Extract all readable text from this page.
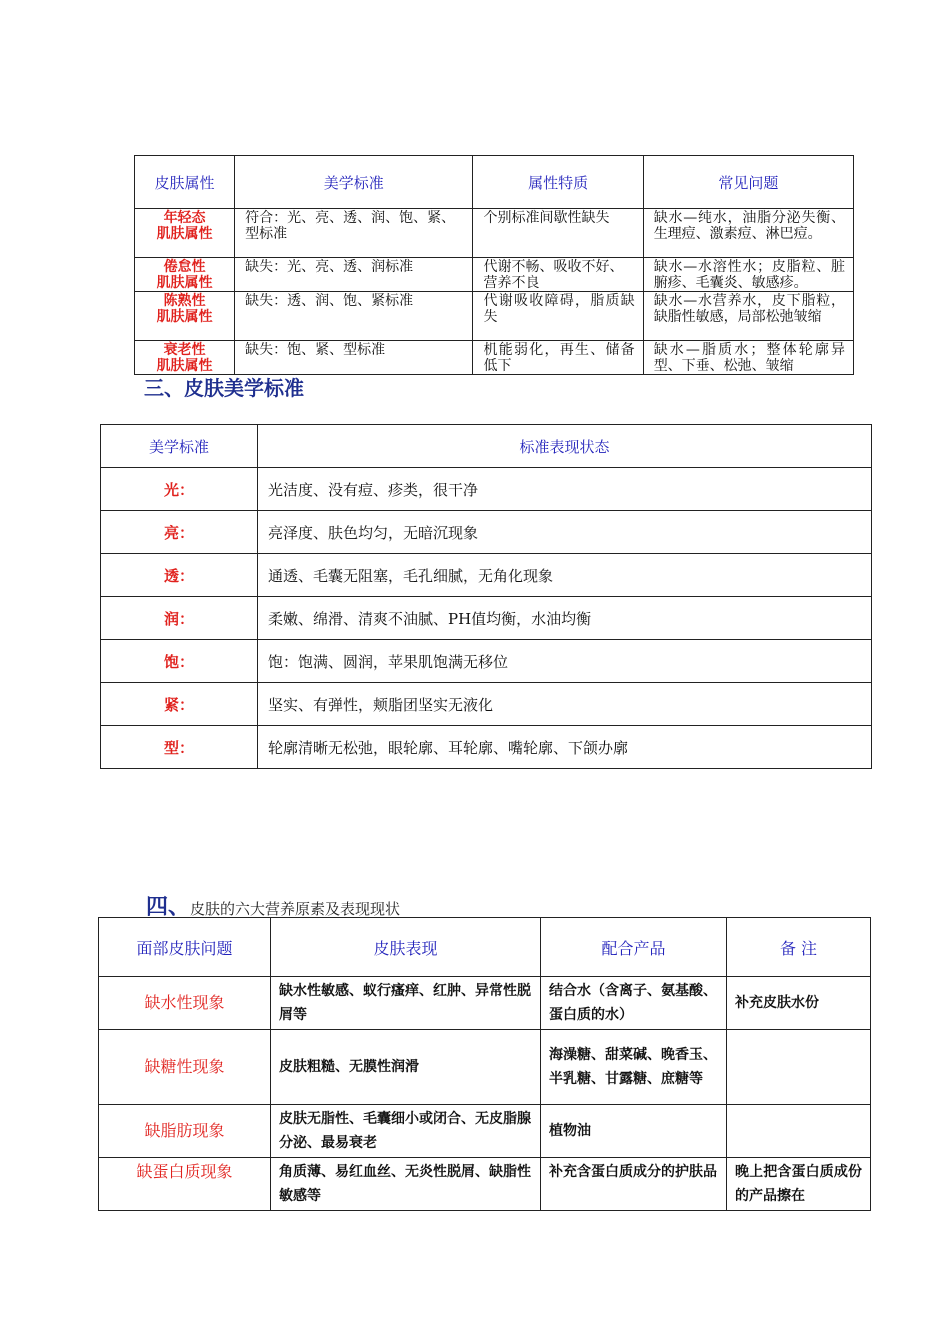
皮肤属性	美学标准	属性特质	常见问题
年轻态
肌肤属性	符合：光、亮、透、润、饱、紧、型标准	个别标准间歇性缺失	缺水—纯水，油脂分泌失衡、生理痘、激素痘、淋巴痘。
倦怠性
肌肤属性	缺失：光、亮、透、润标准	代谢不畅、吸收不好、营养不良	缺水—水溶性水；皮脂粒、脏腑疹、毛囊炎、敏感疹。
陈熟性
肌肤属性	缺失：透、润、饱、紧标准	代谢吸收障碍，脂质缺失	缺水—水营养水，皮下脂粒，缺脂性敏感，局部松弛皱缩
衰老性
肌肤属性	缺失：饱、紧、型标准	机能弱化，再生、储备低下	缺水—脂质水；整体轮廓异型、下垂、松弛、皱缩
三、皮肤美学标准
美学标准	标准表现状态
光：	光洁度、没有痘、疹类，很干净
亮：	亮泽度、肤色均匀，无暗沉现象
透：	通透、毛囊无阻塞，毛孔细腻，无角化现象
润：	柔嫩、绵滑、清爽不油腻、PH值均衡，水油均衡
饱：	饱：饱满、圆润，苹果肌饱满无移位
紧：	坚实、有弹性，颊脂团坚实无液化
型：	轮廓清晰无松弛，眼轮廓、耳轮廓、嘴轮廓、下颌办廓
四、皮肤的六大营养原素及表现现状
面部皮肤问题	皮肤表现	配合产品	备 注
缺水性现象	缺水性敏感、蚁行瘙痒、红肿、异常性脱屑等	结合水（含离子、氨基酸、蛋白质的水）	补充皮肤水份
缺糖性现象	皮肤粗糙、无膜性润滑	海澡糖、甜菜碱、晚香玉、半乳糖、甘露糖、庶糖等	
缺脂肪现象	皮肤无脂性、毛囊细小或闭合、无皮脂腺分泌、最易衰老	植物油	
缺蛋白质现象	角质薄、易红血丝、无炎性脱屑、缺脂性敏感等	补充含蛋白质成分的护肤品	晚上把含蛋白质成份的产品擦在
